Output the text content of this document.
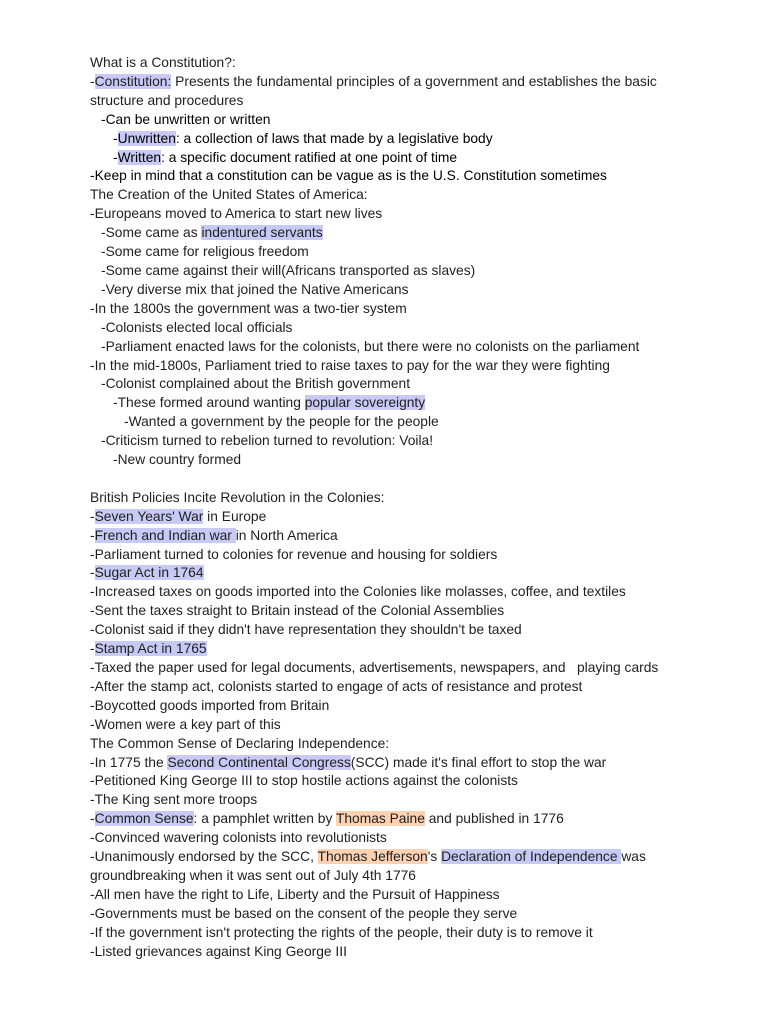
What is a Constitution?:
-Constitution: Presents the fundamental principles of a government and establishes the basic structure and procedures
-Can be unwritten or written
-Unwritten: a collection of laws that made by a legislative body
-Written: a specific document ratified at one point of time
-Keep in mind that a constitution can be vague as is the U.S. Constitution sometimes
The Creation of the United States of America:
-Europeans moved to America to start new lives
-Some came as indentured servants
-Some came for religious freedom
-Some came against their will(Africans transported as slaves)
-Very diverse mix that joined the Native Americans
-In the 1800s the government was a two-tier system
-Colonists elected local officials
-Parliament enacted laws for the colonists, but there were no colonists on the parliament
-In the mid-1800s, Parliament tried to raise taxes to pay for the war they were fighting
-Colonist complained about the British government
-These formed around wanting popular sovereignty
-Wanted a government by the people for the people
-Criticism turned to rebelion turned to revolution: Voila!
-New country formed
British Policies Incite Revolution in the Colonies:
-Seven Years' War in Europe
-French and Indian war in North America
-Parliament turned to colonies for revenue and housing for soldiers
-Sugar Act in 1764
-Increased taxes on goods imported into the Colonies like molasses, coffee, and textiles
-Sent the taxes straight to Britain instead of the Colonial Assemblies
-Colonist said if they didn't have representation they shouldn't be taxed
-Stamp Act in 1765
-Taxed the paper used for legal documents, advertisements, newspapers, and   playing cards
-After the stamp act, colonists started to engage of acts of resistance and protest
-Boycotted goods imported from Britain
-Women were a key part of this
The Common Sense of Declaring Independence:
-In 1775 the Second Continental Congress(SCC) made it's final effort to stop the war
-Petitioned King George III to stop hostile actions against the colonists
-The King sent more troops
-Common Sense: a pamphlet written by Thomas Paine and published in 1776
-Convinced wavering colonists into revolutionists
-Unanimously endorsed by the SCC, Thomas Jefferson's Declaration of Independence was groundbreaking when it was sent out of July 4th 1776
-All men have the right to Life, Liberty and the Pursuit of Happiness
-Governments must be based on the consent of the people they serve
-If the government isn't protecting the rights of the people, their duty is to remove it
-Listed grievances against King George III
